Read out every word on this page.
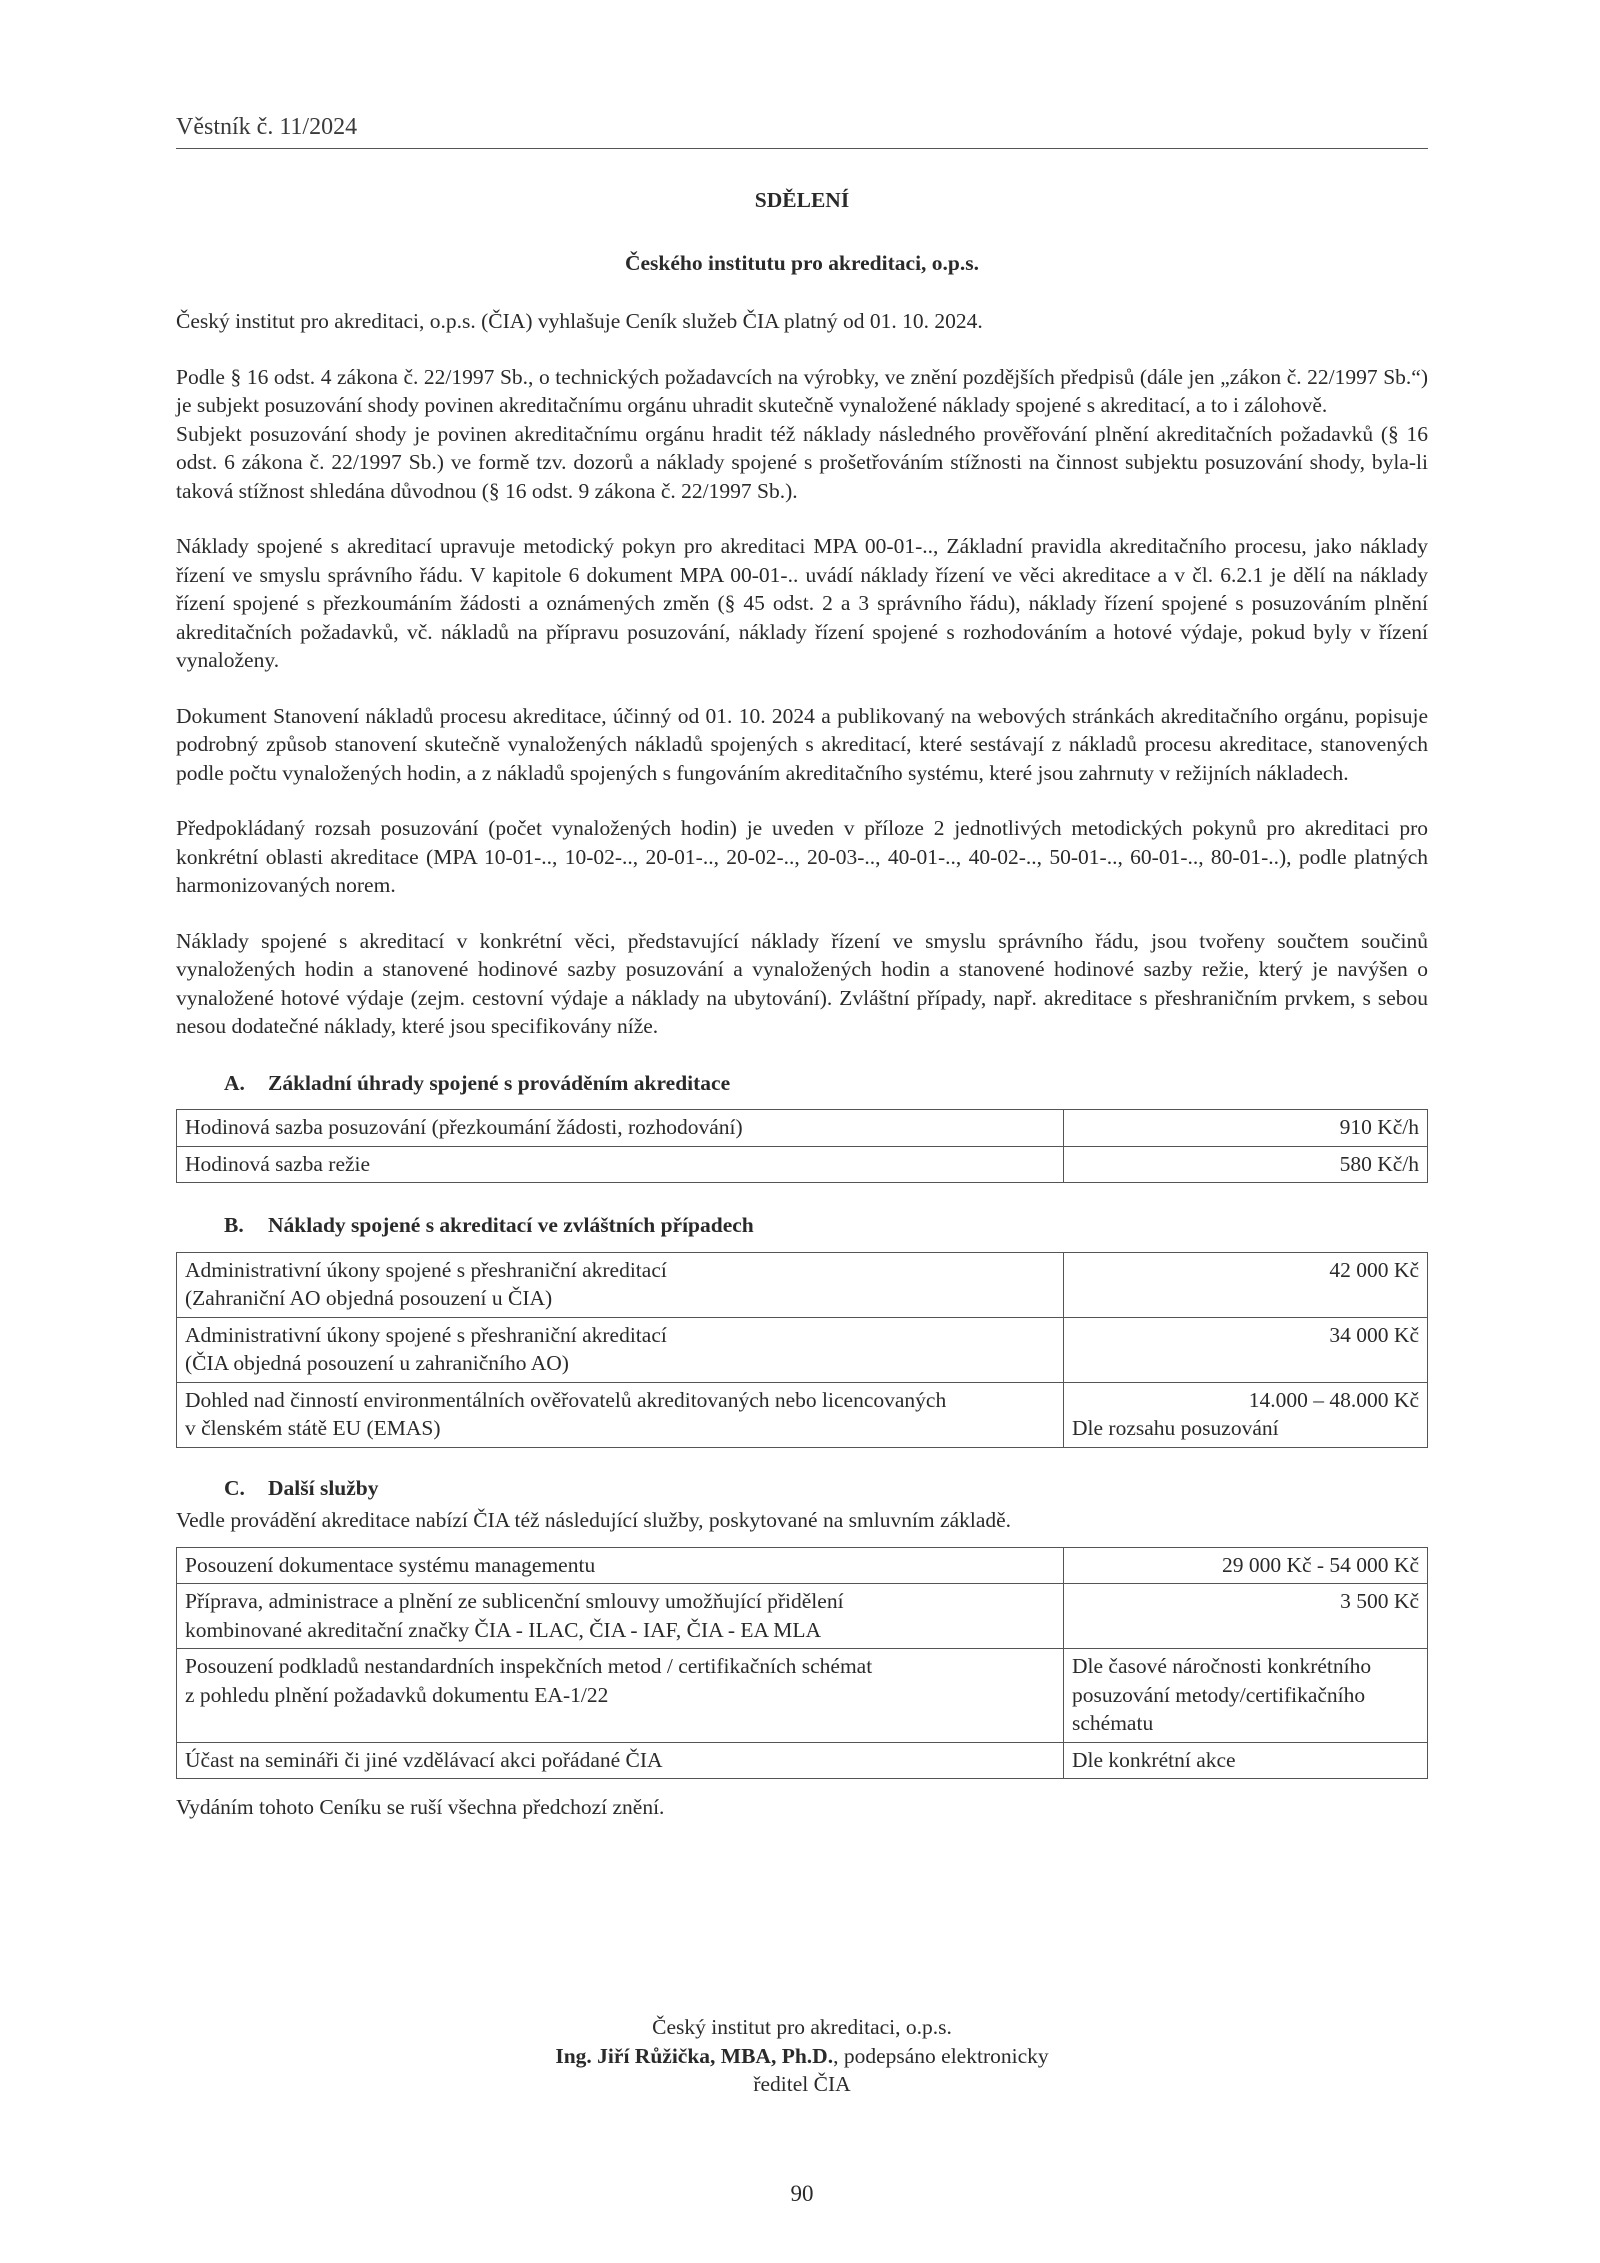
Věstník č. 11/2024
SDĚLENÍ
Českého institutu pro akreditaci, o.p.s.

Český institut pro akreditaci, o.p.s. (ČIA) vyhlašuje Ceník služeb ČIA platný od 01. 10. 2024.

Podle § 16 odst. 4 zákona č. 22/1997 Sb., o technických požadavcích na výrobky, ve znění pozdějších předpisů (dále jen „zákon č. 22/1997 Sb.“) je subjekt posuzování shody povinen akreditačnímu orgánu uhradit skutečně vynaložené náklady spojené s akreditací, a to i zálohově.

Subjekt posuzování shody je povinen akreditačnímu orgánu hradit též náklady následného prověřování plnění akreditačních požadavků (§ 16 odst. 6 zákona č. 22/1997 Sb.) ve formě tzv. dozorů a náklady spojené s prošetřováním stížnosti na činnost subjektu posuzování shody, byla-li taková stížnost shledána důvodnou (§ 16 odst. 9 zákona č. 22/1997 Sb.).

Náklady spojené s akreditací upravuje metodický pokyn pro akreditaci MPA 00-01-.., Základní pravidla akreditačního procesu, jako náklady řízení ve smyslu správního řádu. V kapitole 6 dokument MPA 00-01-.. uvádí náklady řízení ve věci akreditace a v čl. 6.2.1 je dělí na náklady řízení spojené s přezkoumáním žádosti a oznámených změn (§ 45 odst. 2 a 3 správního řádu), náklady řízení spojené s posuzováním plnění akreditačních požadavků, vč. nákladů na přípravu posuzování, náklady řízení spojené s rozhodováním a hotové výdaje, pokud byly v řízení vynaloženy.

Dokument Stanovení nákladů procesu akreditace, účinný od 01. 10. 2024 a publikovaný na webových stránkách akreditačního orgánu, popisuje podrobný způsob stanovení skutečně vynaložených nákladů spojených s akreditací, které sestávají z nákladů procesu akreditace, stanovených podle počtu vynaložených hodin, a z nákladů spojených s fungováním akreditačního systému, které jsou zahrnuty v režijních nákladech.

Předpokládaný rozsah posuzování (počet vynaložených hodin) je uveden v příloze 2 jednotlivých metodických pokynů pro akreditaci pro konkrétní oblasti akreditace (MPA 10-01-.., 10-02-.., 20-01-.., 20-02-.., 20-03-.., 40-01-.., 40-02-.., 50-01-.., 60-01-.., 80-01-..), podle platných harmonizovaných norem.

Náklady spojené s akreditací v konkrétní věci, představující náklady řízení ve smyslu správního řádu, jsou tvořeny součtem součinů vynaložených hodin a stanovené hodinové sazby posuzování a vynaložených hodin a stanovené hodinové sazby režie, který je navýšen o vynaložené hotové výdaje (zejm. cestovní výdaje a náklady na ubytování). Zvláštní případy, např. akreditace s přeshraničním prvkem, s sebou nesou dodatečné náklady, které jsou specifikovány níže.

A. Základní úhrady spojené s prováděním akreditace
Hodinová sazba posuzování (přezkoumání žádosti, rozhodování)	910 Kč/h
Hodinová sazba režie	580 Kč/h
B. Náklady spojené s akreditací ve zvláštních případech
Administrativní úkony spojené s přeshraniční akreditací
(Zahraniční AO objedná posouzení u ČIA)	42 000 Kč

Administrativní úkony spojené s přeshraniční akreditací
(ČIA objedná posouzení u zahraničního AO)	34 000 Kč

Dohled nad činností environmentálních ověřovatelů akreditovaných nebo licencovaných
v členském státě EU (EMAS)	14.000 – 48.000 Kč
Dle rozsahu posuzování
C. Další služby

Vedle provádění akreditace nabízí ČIA též následující služby, poskytované na smluvním základě.

Posouzení dokumentace systému managementu	29 000 Kč - 54 000 Kč

Příprava, administrace a plnění ze sublicenční smlouvy umožňující přidělení
kombinované akreditační značky ČIA - ILAC, ČIA - IAF, ČIA - EA MLA	3 500 Kč

Posouzení podkladů nestandardních inspekčních metod / certifikačních schémat
z pohledu plnění požadavků dokumentu EA-1/22	Dle časové náročnosti konkrétního posuzování metody/certifikačního schématu

Účast na semináři či jiné vzdělávací akci pořádané ČIA	Dle konkrétní akce

Vydáním tohoto Ceníku se ruší všechna předchozí znění.

Český institut pro akreditaci, o.p.s.
Ing. Jiří Růžička, MBA, Ph.D., podepsáno elektronicky
ředitel ČIA
90
